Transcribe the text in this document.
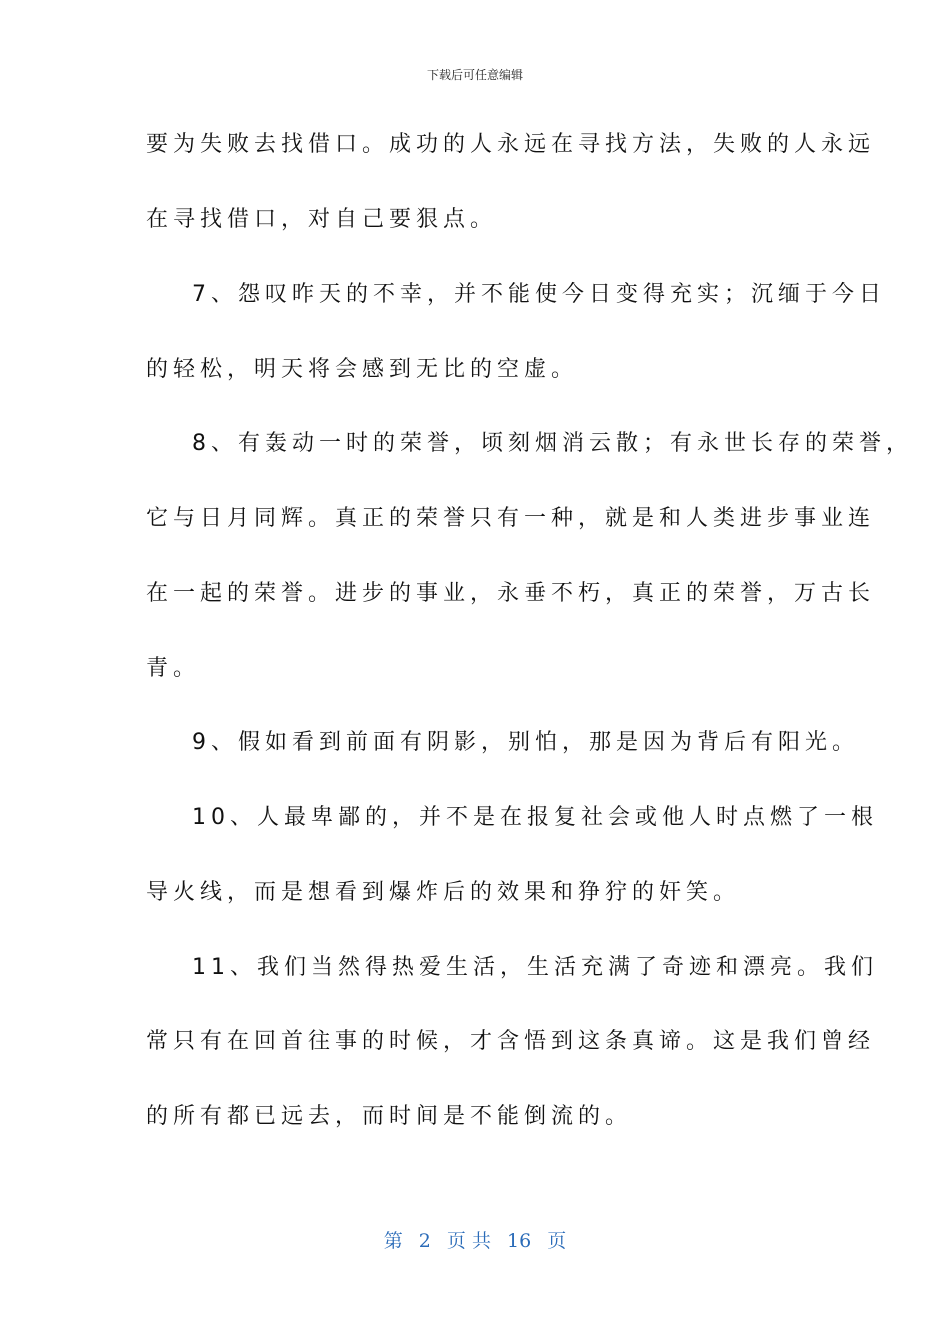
下载后可任意编辑

要为失败去找借口。成功的人永远在寻找方法，失败的人永远

在寻找借口，对自己要狠点。

7、怨叹昨天的不幸，并不能使今日变得充实；沉缅于今日

的轻松，明天将会感到无比的空虚。

8、有轰动一时的荣誉，顷刻烟消云散；有永世长存的荣誉，

它与日月同辉。真正的荣誉只有一种，就是和人类进步事业连

在一起的荣誉。进步的事业，永垂不朽，真正的荣誉，万古长

青。

9、假如看到前面有阴影，别怕，那是因为背后有阳光。

10、人最卑鄙的，并不是在报复社会或他人时点燃了一根

导火线，而是想看到爆炸后的效果和狰狞的奸笑。

11、我们当然得热爱生活，生活充满了奇迹和漂亮。我们

常只有在回首往事的时候，才含悟到这条真谛。这是我们曾经

的所有都已远去，而时间是不能倒流的。

第 2 页 共 16 页
